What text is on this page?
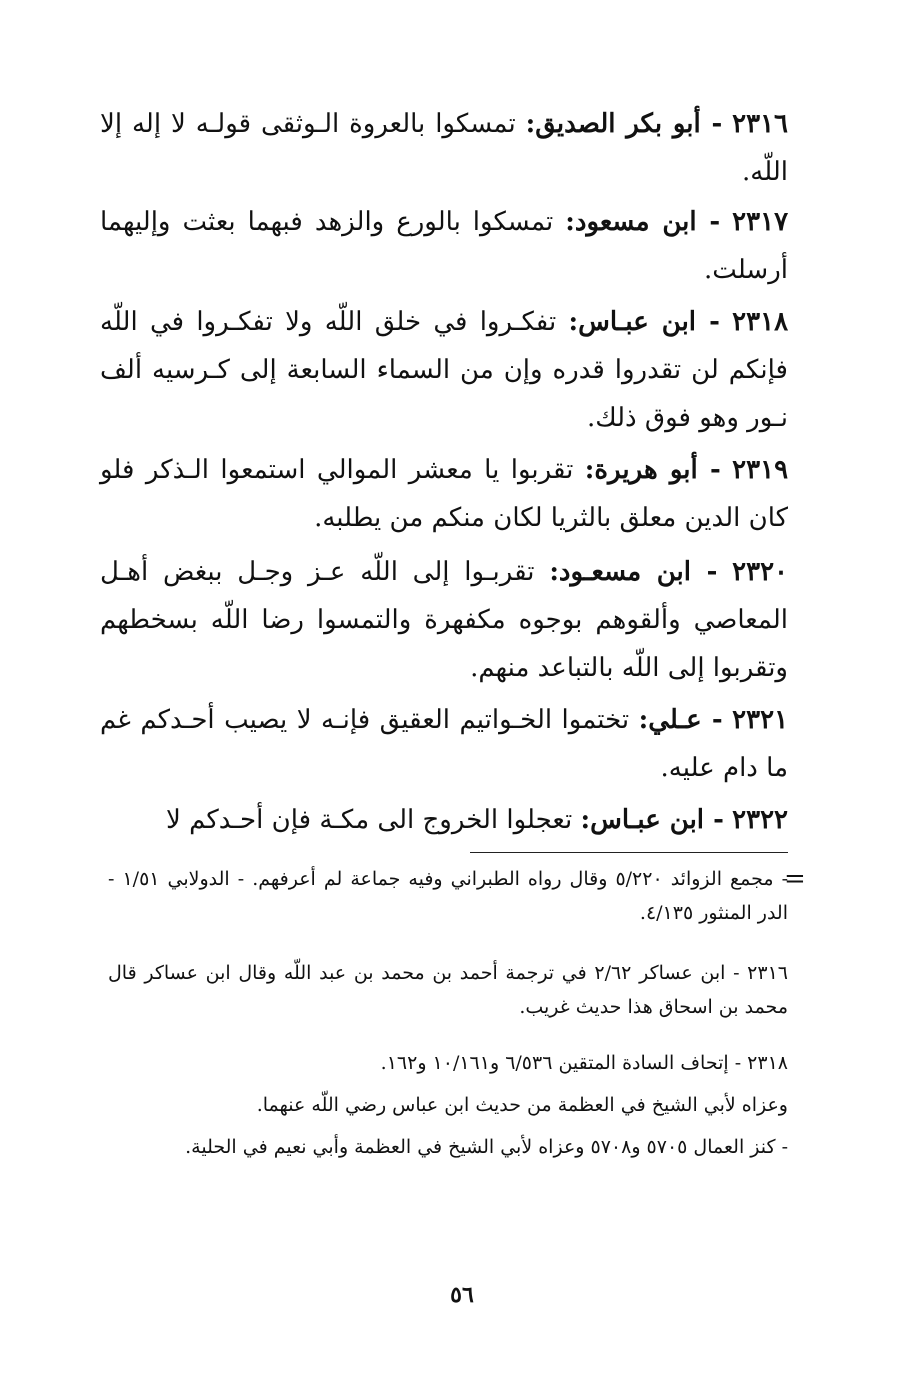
٢٣١٦ - أبو بكر الصديق: تمسكوا بالعروة الـوثقى قولـه لا إله إلا اللّه.

٢٣١٧ - ابن مسعود: تمسكوا بالورع والزهد فبهما بعثت وإليهما أرسلت.

٢٣١٨ - ابن عبـاس: تفكـروا في خلق اللّه ولا تفكـروا في اللّه فإنكم لن تقدروا قدره وإن من السماء السابعة إلى كـرسيه ألف نـور وهو فوق ذلك.

٢٣١٩ - أبو هريرة: تقربوا يا معشر الموالي استمعوا الـذكر فلو كان الدين معلق بالثريا لكان منكم من يطلبه.

٢٣٢٠ - ابن مسعـود: تقربـوا إلى اللّه عـز وجـل ببغض أهـل المعاصي وألقوهم بوجوه مكفهرة والتمسوا رضا اللّه بسخطهم وتقربوا إلى اللّه بالتباعد منهم.

٢٣٢١ - عـلي: تختموا الخـواتيم العقيق فإنـه لا يصيب أحـدكم غم ما دام عليه.

٢٣٢٢ - ابن عبـاس: تعجلوا الخروج الى مكـة فإن أحـدكم لا

=

- مجمع الزوائد ٥/٢٢٠ وقال رواه الطبراني وفيه جماعة لم أعرفهم. - الدولابي ١/٥١ - الدر المنثور ٤/١٣٥.

٢٣١٦ - ابن عساكر ٢/٦٢ في ترجمة أحمد بن محمد بن عبد اللّه وقال ابن عساكر قال محمد بن اسحاق هذا حديث غريب.

٢٣١٨ - إتحاف السادة المتقين ٦/٥٣٦ و١٠/١٦١ و١٦٢.

وعزاه لأبي الشيخ في العظمة من حديث ابن عباس رضي اللّه عنهما.

- كنز العمال ٥٧٠٥ و٥٧٠٨ وعزاه لأبي الشيخ في العظمة وأبي نعيم في الحلية.

٥٦
